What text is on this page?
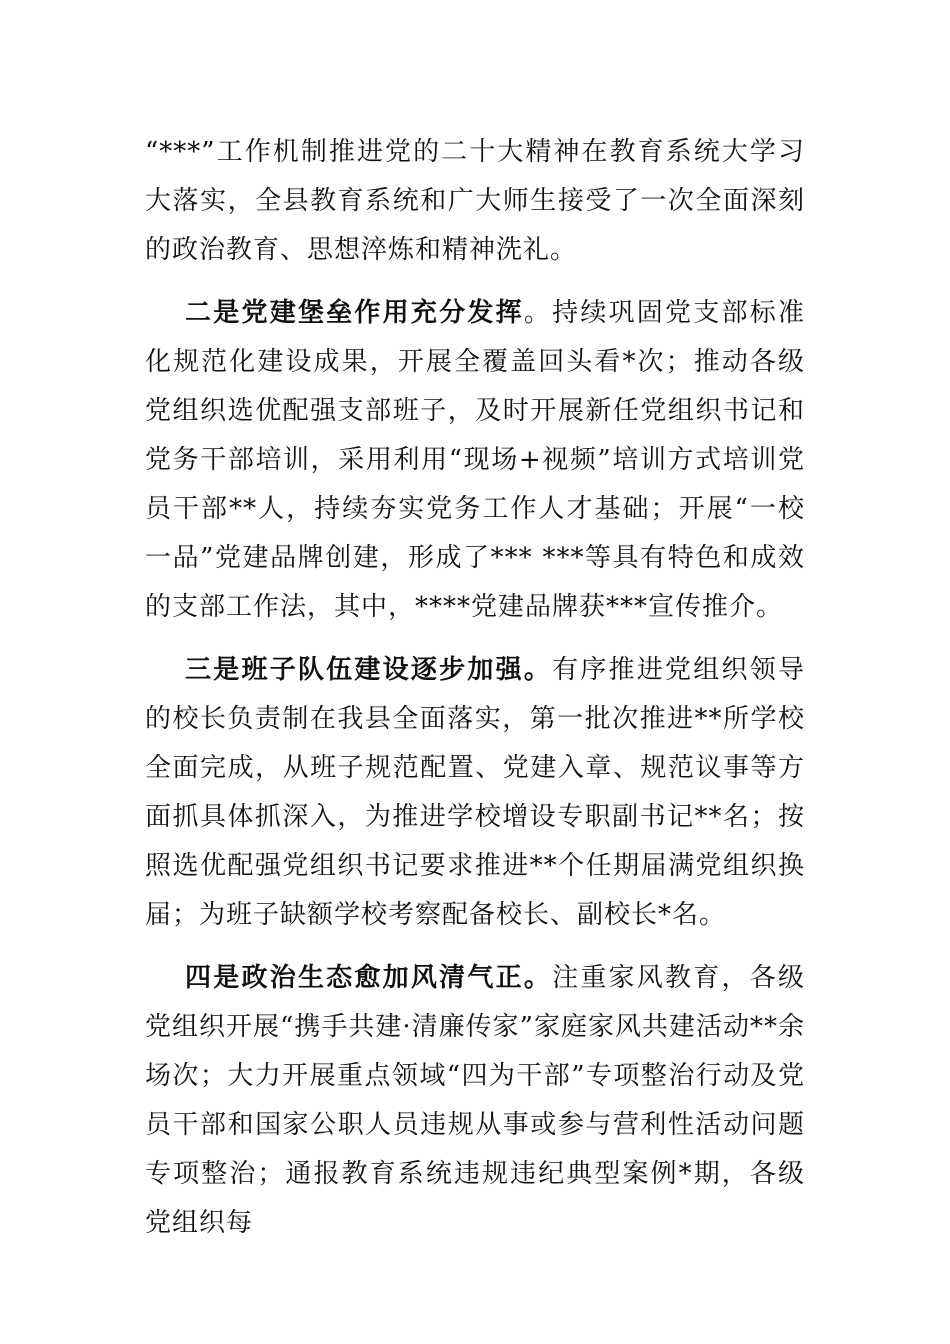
“***”工作机制推进党的二十大精神在教育系统大学习大落实，全县教育系统和广大师生接受了一次全面深刻的政治教育、思想淬炼和精神洗礼。

二是党建堡垒作用充分发挥。持续巩固党支部标准化规范化建设成果，开展全覆盖回头看*次；推动各级党组织选优配强支部班子，及时开展新任党组织书记和党务干部培训，采用利用“现场+视频”培训方式培训党员干部**人，持续夯实党务工作人才基础；开展“一校一品”党建品牌创建，形成了*** ***等具有特色和成效的支部工作法，其中，****党建品牌获***宣传推介。

三是班子队伍建设逐步加强。有序推进党组织领导的校长负责制在我县全面落实，第一批次推进**所学校全面完成，从班子规范配置、党建入章、规范议事等方面抓具体抓深入，为推进学校增设专职副书记**名；按照选优配强党组织书记要求推进**个任期届满党组织换届；为班子缺额学校考察配备校长、副校长*名。

四是政治生态愈加风清气正。注重家风教育，各级党组织开展“携手共建·清廉传家”家庭家风共建活动**余场次；大力开展重点领域“四为干部”专项整治行动及党员干部和国家公职人员违规从事或参与营利性活动问题专项整治；通报教育系统违规违纪典型案例*期，各级党组织每
